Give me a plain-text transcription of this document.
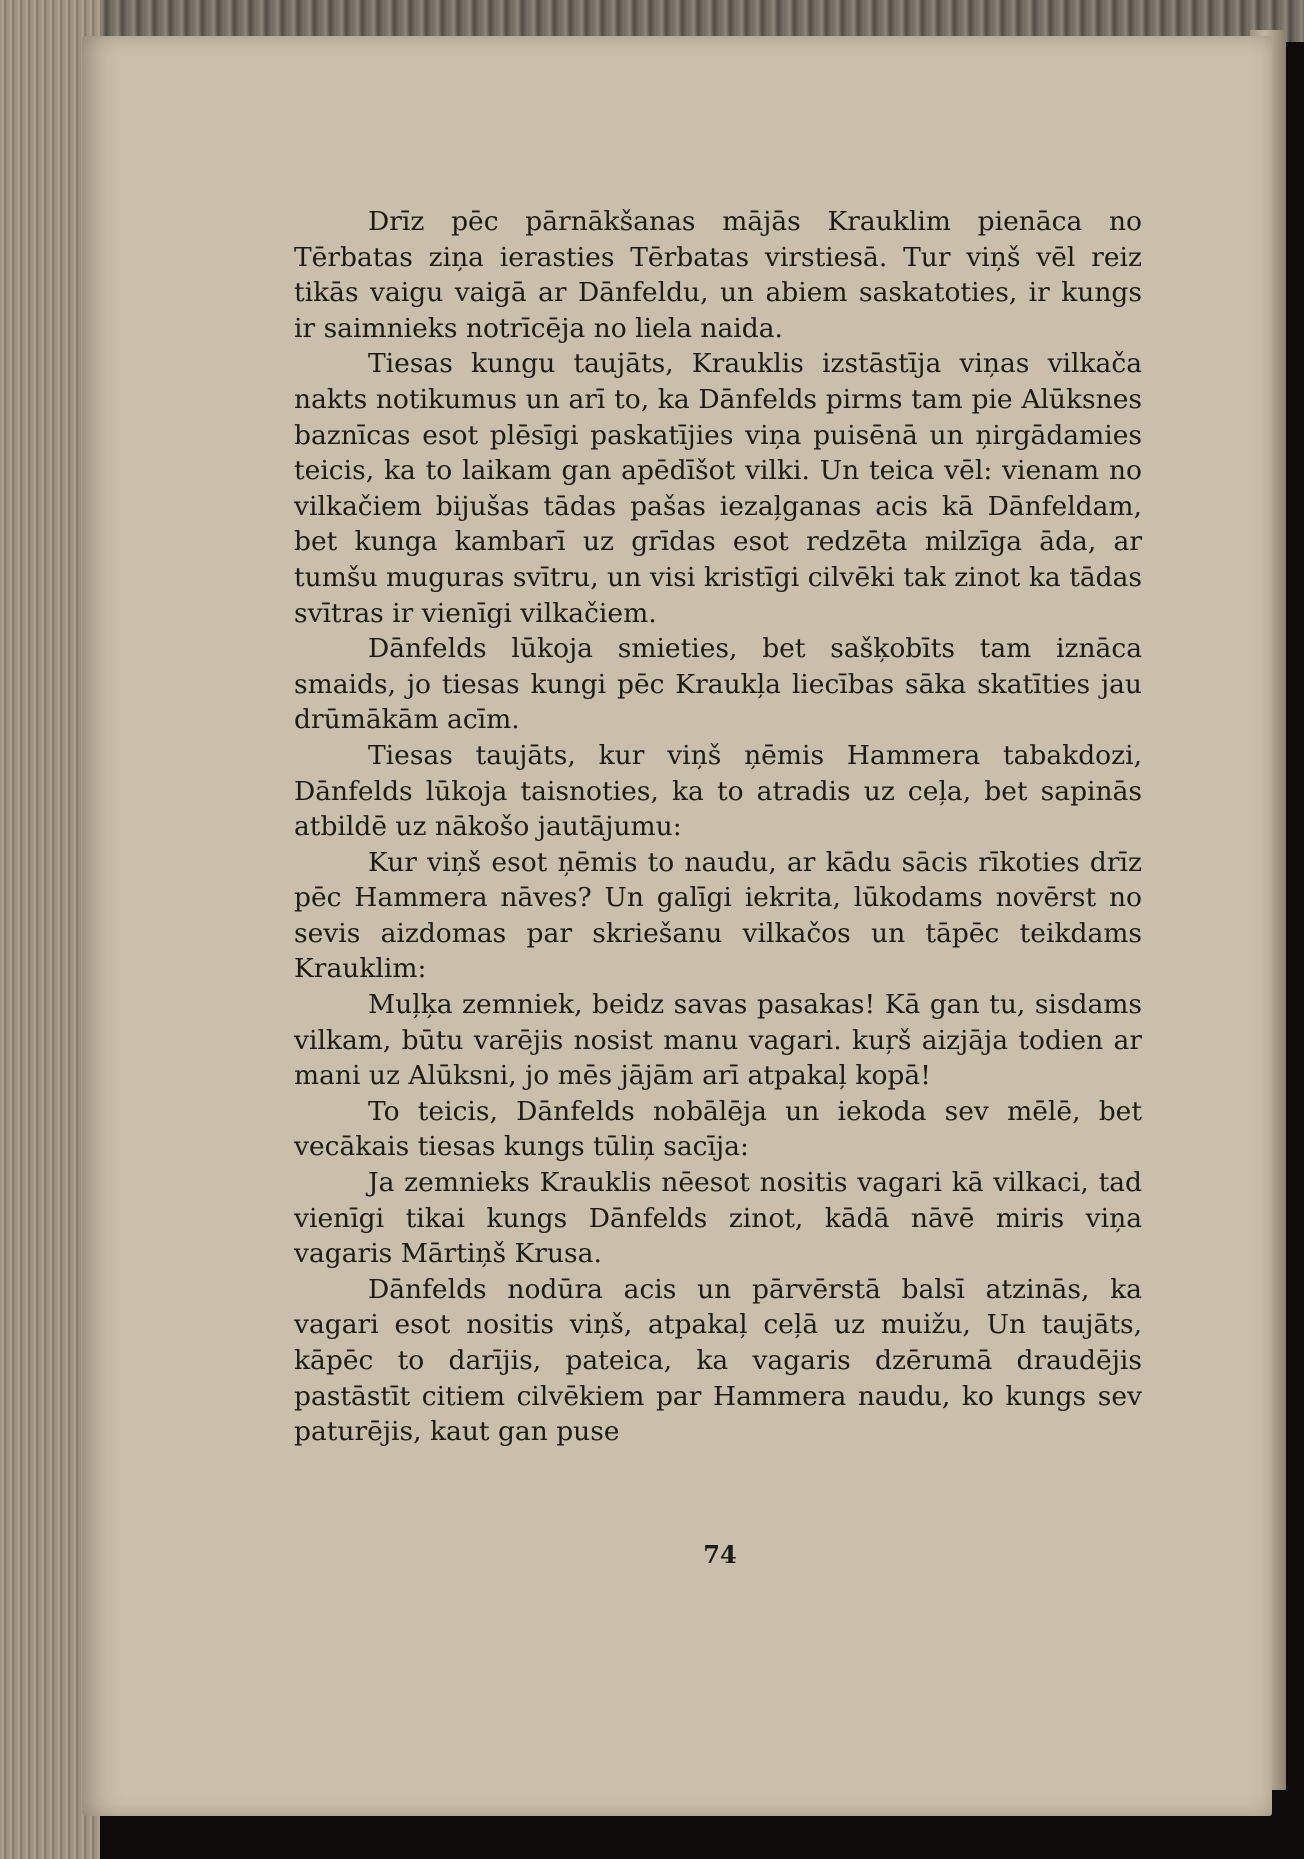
Drīz pēc pārnākšanas mājās Krauklim pienāca no Tērbatas ziņa ierasties Tērbatas virstiesā. Tur viņš vēl reiz tikās vaigu vaigā ar Dānfeldu, un abiem saskatoties, ir kungs ir saimnieks notrīcēja no liela naida.

Tiesas kungu taujāts, Krauklis izstāstīja viņas vilkača nakts notikumus un arī to, ka Dānfelds pirms tam pie Alūksnes baznīcas esot plēsīgi paskatījies viņa puisēnā un ņirgādamies teicis, ka to laikam gan apēdīšot vilki. Un teica vēl: vienam no vilkačiem bijušas tādas pašas iezaļganas acis kā Dānfeldam, bet kunga kambarī uz grīdas esot redzēta milzīga āda, ar tumšu muguras svītru, un visi kristīgi cilvēki tak zinot ka tādas svītras ir vienīgi vilkačiem.

Dānfelds lūkoja smieties, bet sašķobīts tam iznāca smaids, jo tiesas kungi pēc Kraukļa liecības sāka skatīties jau drūmākām acīm.

Tiesas taujāts, kur viņš ņēmis Hammera tabakdozi, Dānfelds lūkoja taisnoties, ka to atradis uz ceļa, bet sapinās atbildē uz nākošo jautājumu:

Kur viņš esot ņēmis to naudu, ar kādu sācis rīkoties drīz pēc Hammera nāves? Un galīgi iekrita, lūkodams novērst no sevis aizdomas par skriešanu vilkačos un tāpēc teikdams Krauklim:

Muļķa zemniek, beidz savas pasakas! Kā gan tu, sisdams vilkam, būtu varējis nosist manu vagari. kuŗš aizjāja todien ar mani uz Alūksni, jo mēs jājām arī atpakaļ kopā!

To teicis, Dānfelds nobālēja un iekoda sev mēlē, bet vecākais tiesas kungs tūliņ sacīja:

Ja zemnieks Krauklis nēesot nositis vagari kā vilkaci, tad vienīgi tikai kungs Dānfelds zinot, kādā nāvē miris viņa vagaris Mārtiņš Krusa.

Dānfelds nodūra acis un pārvērstā balsī atzinās, ka vagari esot nositis viņš, atpakaļ ceļā uz muižu, Un taujāts, kāpēc to darījis, pateica, ka vagaris dzērumā draudējis pastāstīt citiem cilvēkiem par Hammera naudu, ko kungs sev paturējis, kaut gan puse

74
